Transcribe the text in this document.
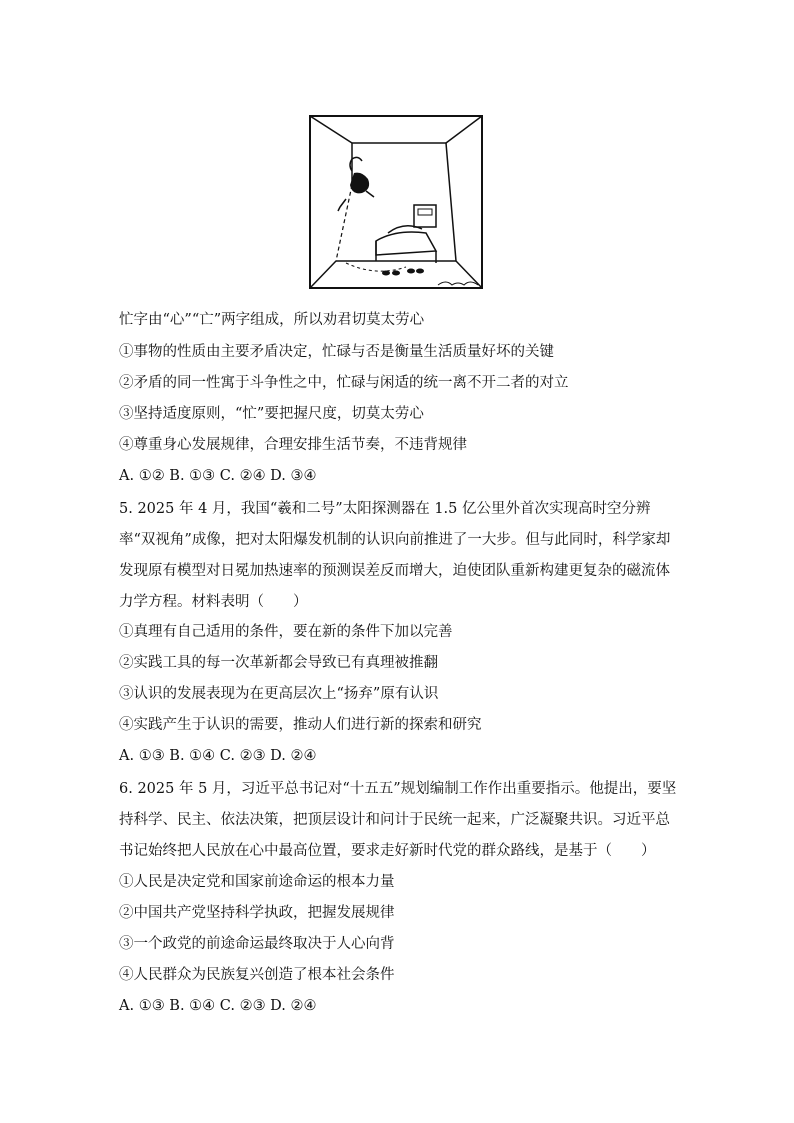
忙字由“心”“亡”两字组成，所以劝君切莫太劳心
①事物的性质由主要矛盾决定，忙碌与否是衡量生活质量好坏的关键
②矛盾的同一性寓于斗争性之中，忙碌与闲适的统一离不开二者的对立
③坚持适度原则，“忙”要把握尺度，切莫太劳心
④尊重身心发展规律，合理安排生活节奏，不违背规律
A. ①② B. ①③ C. ②④ D. ③④
5. 2025 年 4 月，我国“羲和二号”太阳探测器在 1.5 亿公里外首次实现高时空分辨率“双视角”成像，把对太阳爆发机制的认识向前推进了一大步。但与此同时，科学家却发现原有模型对日冕加热速率的预测误差反而增大，迫使团队重新构建更复杂的磁流体力学方程。材料表明（　　）
①真理有自己适用的条件，要在新的条件下加以完善
②实践工具的每一次革新都会导致已有真理被推翻
③认识的发展表现为在更高层次上“扬弃”原有认识
④实践产生于认识的需要，推动人们进行新的探索和研究
A. ①③ B. ①④ C. ②③ D. ②④
6. 2025 年 5 月，习近平总书记对“十五五”规划编制工作作出重要指示。他提出，要坚持科学、民主、依法决策，把顶层设计和问计于民统一起来，广泛凝聚共识。习近平总书记始终把人民放在心中最高位置，要求走好新时代党的群众路线，是基于（　　）
①人民是决定党和国家前途命运的根本力量
②中国共产党坚持科学执政，把握发展规律
③一个政党的前途命运最终取决于人心向背
④人民群众为民族复兴创造了根本社会条件
A. ①③ B. ①④ C. ②③ D. ②④
